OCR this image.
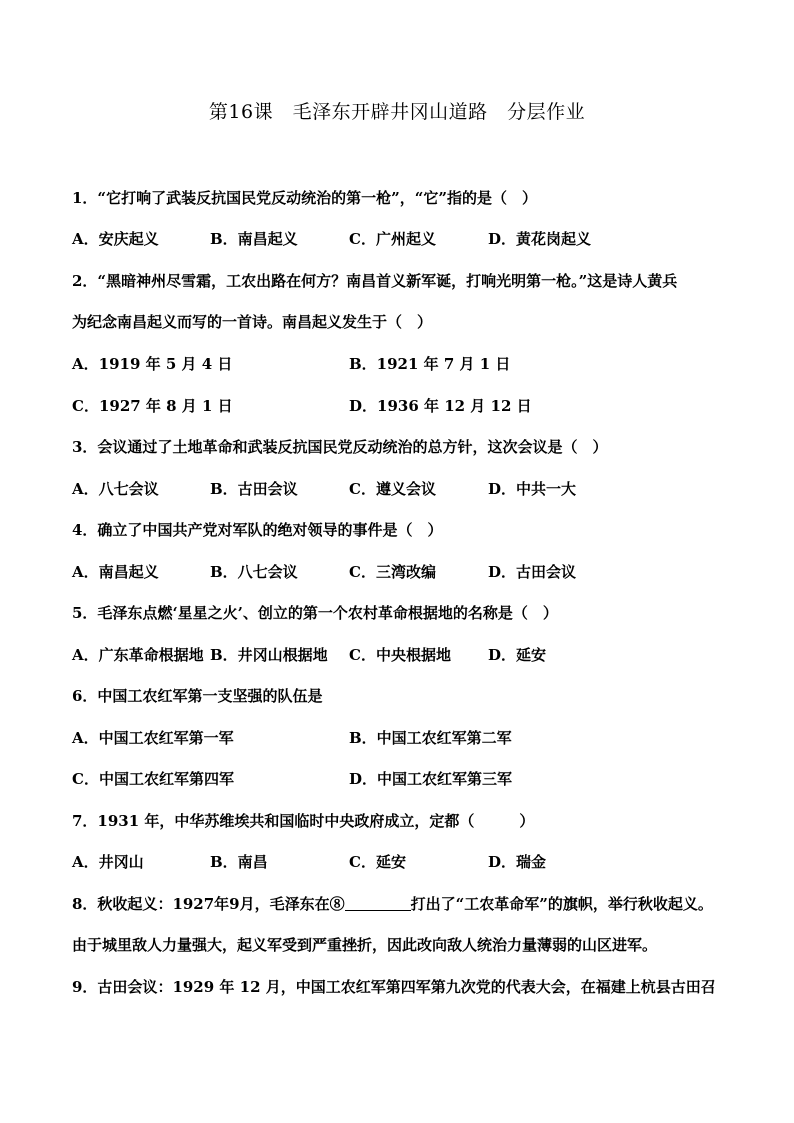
第16课　毛泽东开辟井冈山道路　分层作业
1．“它打响了武装反抗国民党反动统治的第一枪”，“它”指的是（　）
A．安庆起义	B．南昌起义	C．广州起义	D．黄花岗起义
2．“黑暗神州尽雪霜，工农出路在何方？南昌首义新军诞，打响光明第一枪。”这是诗人黄兵
为纪念南昌起义而写的一首诗。南昌起义发生于（　）
A．1919 年 5 月 4 日	B．1921 年 7 月 1 日
C．1927 年 8 月 1 日	D．1936 年 12 月 12 日
3．会议通过了土地革命和武装反抗国民党反动统治的总方针，这次会议是（　）
A．八七会议	B．古田会议	C．遵义会议	D．中共一大
4．确立了中国共产党对军队的绝对领导的事件是（　）
A．南昌起义	B．八七会议	C．三湾改编	D．古田会议
5．毛泽东点燃‘星星之火’、创立的第一个农村革命根据地的名称是（　）
A．广东革命根据地 B．井冈山根据地 C．中央根据地 D．延安
6．中国工农红军第一支坚强的队伍是
A．中国工农红军第一军	B．中国工农红军第二军
C．中国工农红军第四军	D．中国工农红军第三军
7．1931 年，中华苏维埃共和国临时中央政府成立，定都（　　　）
A．井冈山	B．南昌	C．延安	D．瑞金
8．秋收起义：1927年9月，毛泽东在⑧	打出了“工农革命军”的旗帜，举行秋收起义。
由于城里敌人力量强大，起义军受到严重挫折，因此改向敌人统治力量薄弱的山区进军。
9．古田会议：1929 年 12 月，中国工农红军第四军第九次党的代表大会，在福建上杭县古田召
